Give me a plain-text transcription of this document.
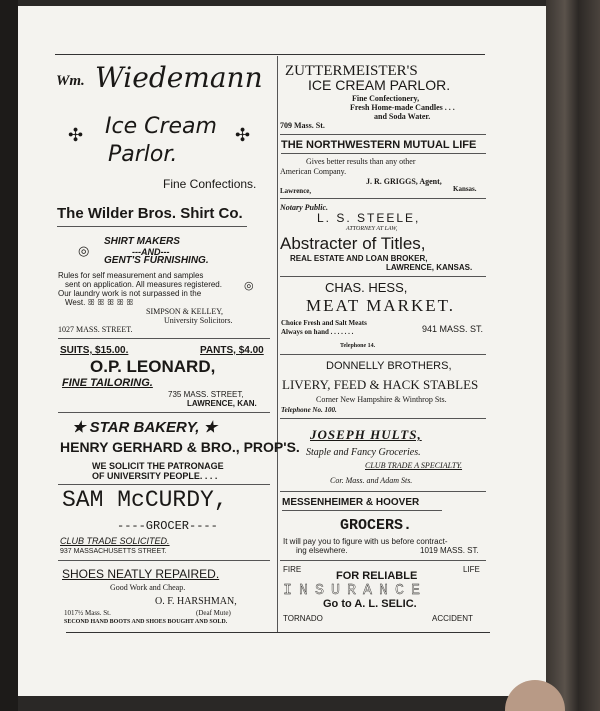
Wm. Wiedemann
✣	✣
Ice Cream
Parlor.
Fine Confections.
The Wilder Bros. Shirt Co.
◎
SHIRT MAKERS
---AND---
GENT'S FURNISHING.
Rules for self measurement and samples
sent on application. All measures registered. ◎
Our laundry work is not surpassed in the
West. ꕥ ꕥ ꕥ ꕥ ꕥ
SIMPSON & KELLEY,
University Solicitors.
1027 MASS. STREET.
SUITS, $15.00.	PANTS, $4.00
O.P. LEONARD,
FINE TAILORING.
735 MASS. STREET,
LAWRENCE, KAN.
★ STAR BAKERY, ★
HENRY GERHARD & BRO., PROP'S.
WE SOLICIT THE PATRONAGE
OF UNIVERSITY PEOPLE. . . .
SAM McCURDY,
----GROCER----
CLUB TRADE SOLICITED.
937 MASSACHUSETTS STREET.
SHOES NEATLY REPAIRED.
Good Work and Cheap.
O. F. HARSHMAN,
1017½ Mass. St.	(Deaf Mute)
SECOND HAND BOOTS AND SHOES BOUGHT AND SOLD.
ZUTTERMEISTER'S
ICE CREAM PARLOR.
Fine Confectionery,
Fresh Home-made Candles . . .
and Soda Water.
709 Mass. St.
THE NORTHWESTERN MUTUAL LIFE
Gives better results than any other
American Company.
J. R. GRIGGS, Agent,
Lawrence,	Kansas.
Notary Public.
L. S. STEELE,
ATTORNEY AT LAW,
Abstracter of Titles,
REAL ESTATE AND LOAN BROKER,
LAWRENCE, KANSAS.
CHAS. HESS,
MEAT MARKET.
Choice Fresh and Salt Meats
Always on hand . . . . . . .	941 MASS. ST.
Telephone 14.
DONNELLY BROTHERS,
LIVERY, FEED & HACK STABLES
Corner New Hampshire & Winthrop Sts.
Telephone No. 100.
JOSEPH HULTS,
Staple and Fancy Groceries.
CLUB TRADE A SPECIALTY.
Cor. Mass. and Adam Sts.
MESSENHEIMER & HOOVER
GROCERS.
It will pay you to figure with us before contract-
ing elsewhere.	1019 MASS. ST.
FIRE	LIFE
FOR RELIABLE
INSURANCE
Go to A. L. SELIC.
TORNADO	ACCIDENT
